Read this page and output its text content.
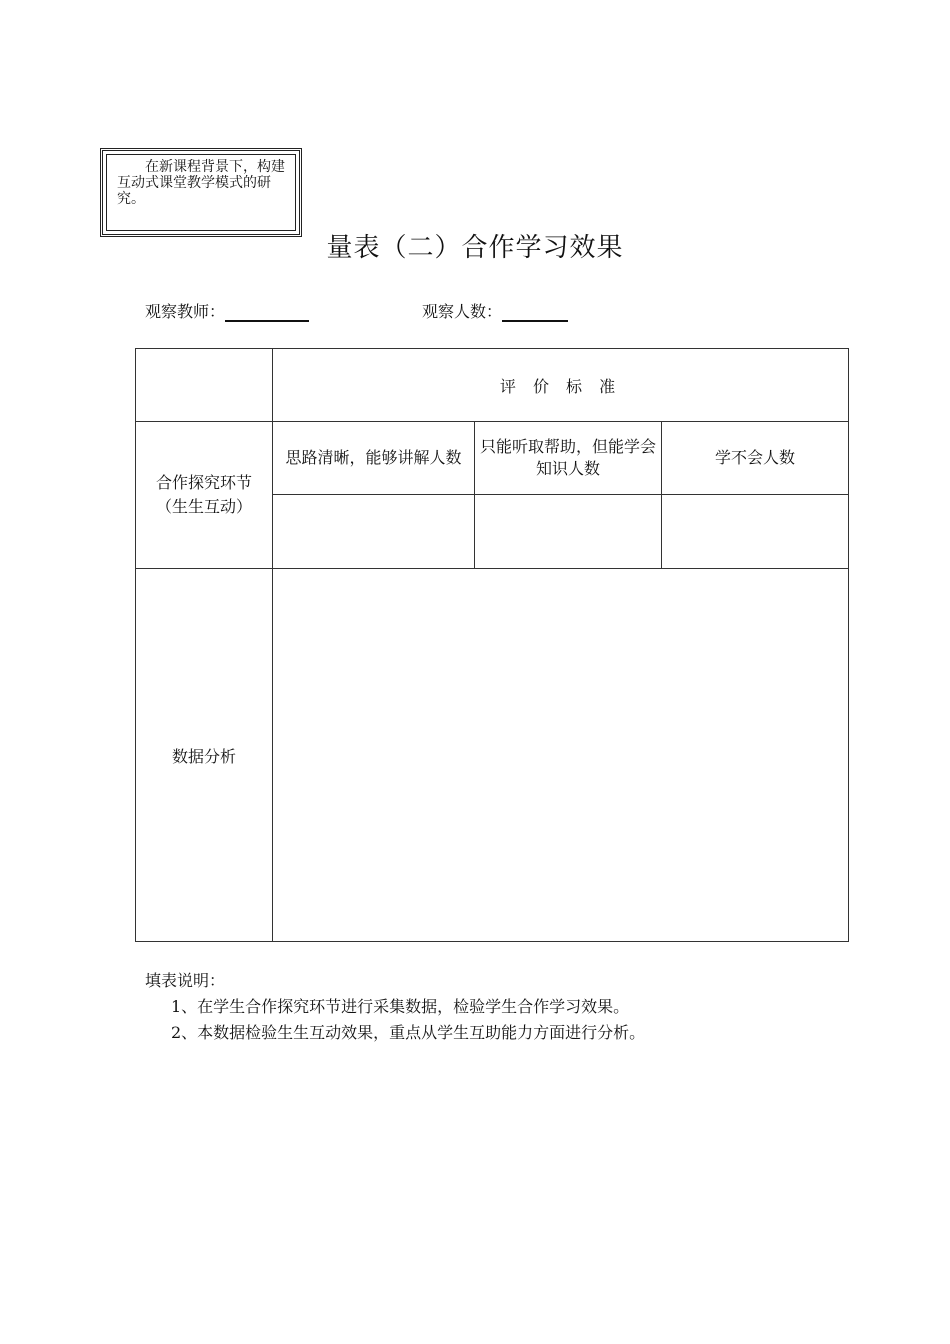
在新课程背景下，构建互动式课堂教学模式的研究。
量表（二）合作学习效果
观察教师：	观察人数：
	评 价 标 准		

合作探究环节
（生生互动）	思路清晰，能够讲解人数	只能听取帮助，但能学会知识人数	学不会人数

数据分析			
填表说明：
1、在学生合作探究环节进行采集数据，检验学生合作学习效果。
2、本数据检验生生互动效果，重点从学生互助能力方面进行分析。
